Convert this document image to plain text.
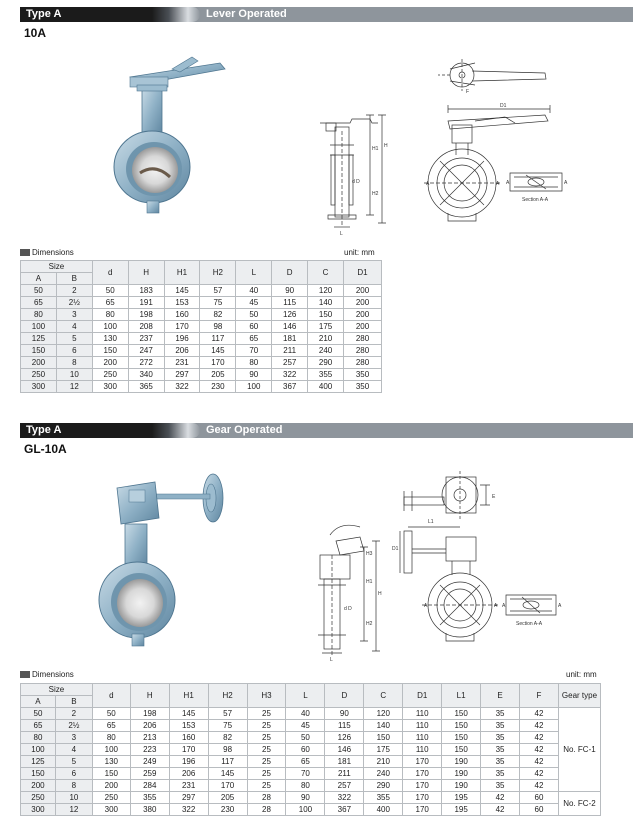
Type A	Lever Operated
10A
F
d D
H1
H2
H
L
D1
A	A A	A
Section A-A
Dimensions	unit: mm
Size		d	H	H1	H2	L	D	C	D1
A	B								
50	2	50	183	145	57	40	90	120	200
65	2½	65	191	153	75	45	115	140	200
80	3	80	198	160	82	50	126	150	200
100	4	100	208	170	98	60	146	175	200
125	5	130	237	196	117	65	181	210	280
150	6	150	247	206	145	70	211	240	280
200	8	200	272	231	170	80	257	290	280
250	10	250	340	297	205	90	322	355	350
300	12	300	365	322	230	100	367	400	350
Type A	Gear Operated
GL-10A
E
L1
D1
A	A
d D
H3
H1
H2
H
L
A	A
Section A-A
Dimensions	unit: mm
Size		d	H	H1	H2	H3	L	D	C	D1	L1	E	F	Gear type
A	B													
50	2	50	198	145	57	25	40	90	120	110	150	35	42	No. FC-1
65	2½	65	206	153	75	25	45	115	140	110	150	35	42	
80	3	80	213	160	82	25	50	126	150	110	150	35	42	
100	4	100	223	170	98	25	60	146	175	110	150	35	42	
125	5	130	249	196	117	25	65	181	210	170	190	35	42	
150	6	150	259	206	145	25	70	211	240	170	190	35	42	
200	8	200	284	231	170	25	80	257	290	170	190	35	42	
250	10	250	355	297	205	28	90	322	355	170	195	42	60	No. FC-2
300	12	300	380	322	230	28	100	367	400	170	195	42	60	
